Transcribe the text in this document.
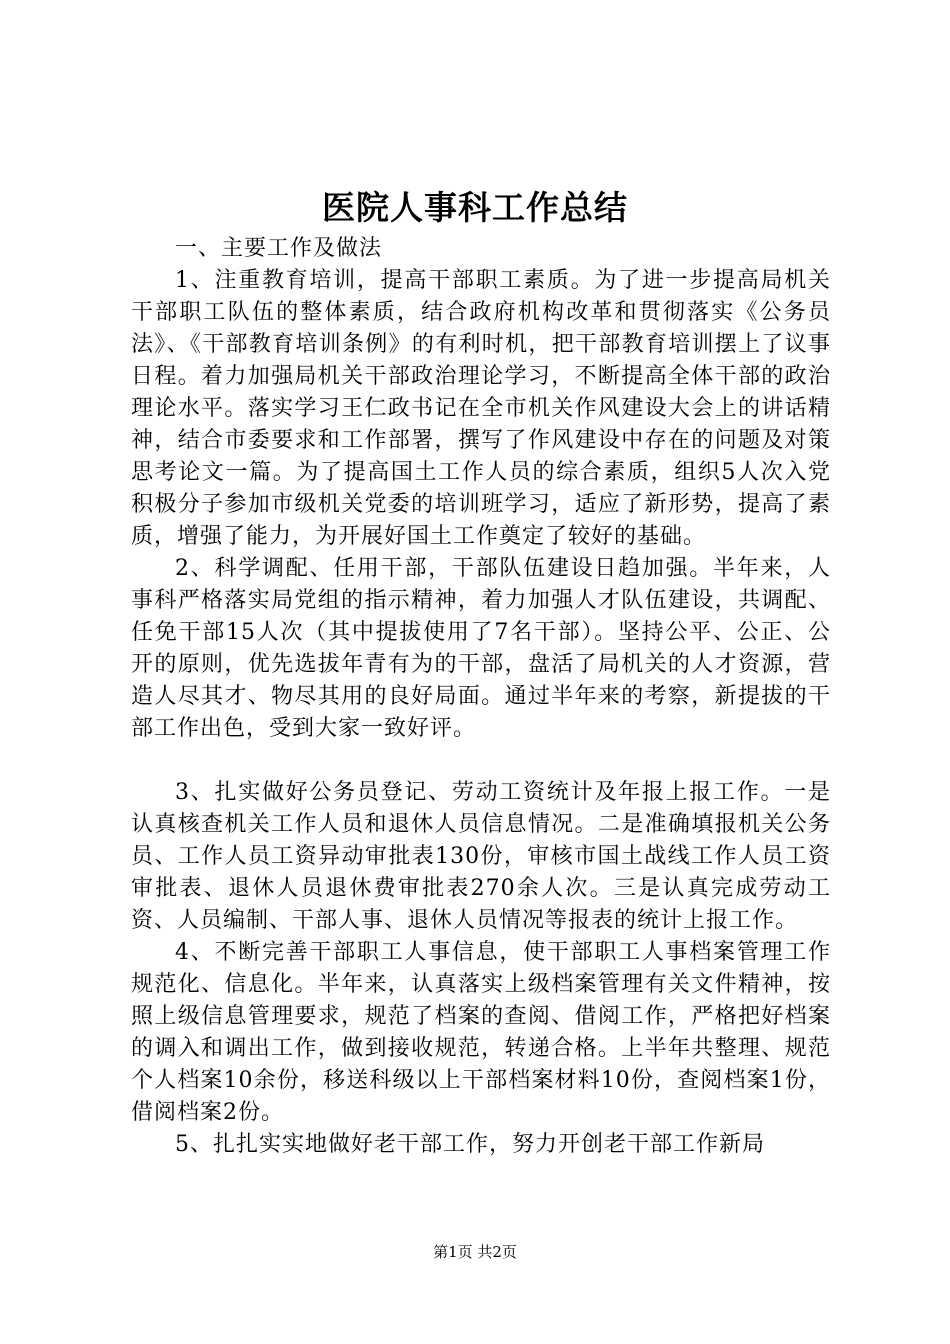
医院人事科工作总结

一、主要工作及做法

1、注重教育培训，提高干部职工素质。为了进一步提高局机关干部职工队伍的整体素质，结合政府机构改革和贯彻落实《公务员法》、《干部教育培训条例》的有利时机，把干部教育培训摆上了议事日程。着力加强局机关干部政治理论学习，不断提高全体干部的政治理论水平。落实学习王仁政书记在全市机关作风建设大会上的讲话精神，结合市委要求和工作部署，撰写了作风建设中存在的问题及对策思考论文一篇。为了提高国土工作人员的综合素质，组织5人次入党积极分子参加市级机关党委的培训班学习，适应了新形势，提高了素质，增强了能力，为开展好国土工作奠定了较好的基础。

2、科学调配、任用干部，干部队伍建设日趋加强。半年来，人事科严格落实局党组的指示精神，着力加强人才队伍建设，共调配、任免干部15人次（其中提拔使用了7名干部）。坚持公平、公正、公开的原则，优先选拔年青有为的干部，盘活了局机关的人才资源，营造人尽其才、物尽其用的良好局面。通过半年来的考察，新提拔的干部工作出色，受到大家一致好评。

3、扎实做好公务员登记、劳动工资统计及年报上报工作。一是认真核查机关工作人员和退休人员信息情况。二是准确填报机关公务员、工作人员工资异动审批表130份，审核市国土战线工作人员工资审批表、退休人员退休费审批表270余人次。三是认真完成劳动工资、人员编制、干部人事、退休人员情况等报表的统计上报工作。

4、不断完善干部职工人事信息，使干部职工人事档案管理工作规范化、信息化。半年来，认真落实上级档案管理有关文件精神，按照上级信息管理要求，规范了档案的查阅、借阅工作，严格把好档案的调入和调出工作，做到接收规范，转递合格。上半年共整理、规范个人档案10余份，移送科级以上干部档案材料10份，查阅档案1份，借阅档案2份。

5、扎扎实实地做好老干部工作，努力开创老干部工作新局

第1页 共2页
